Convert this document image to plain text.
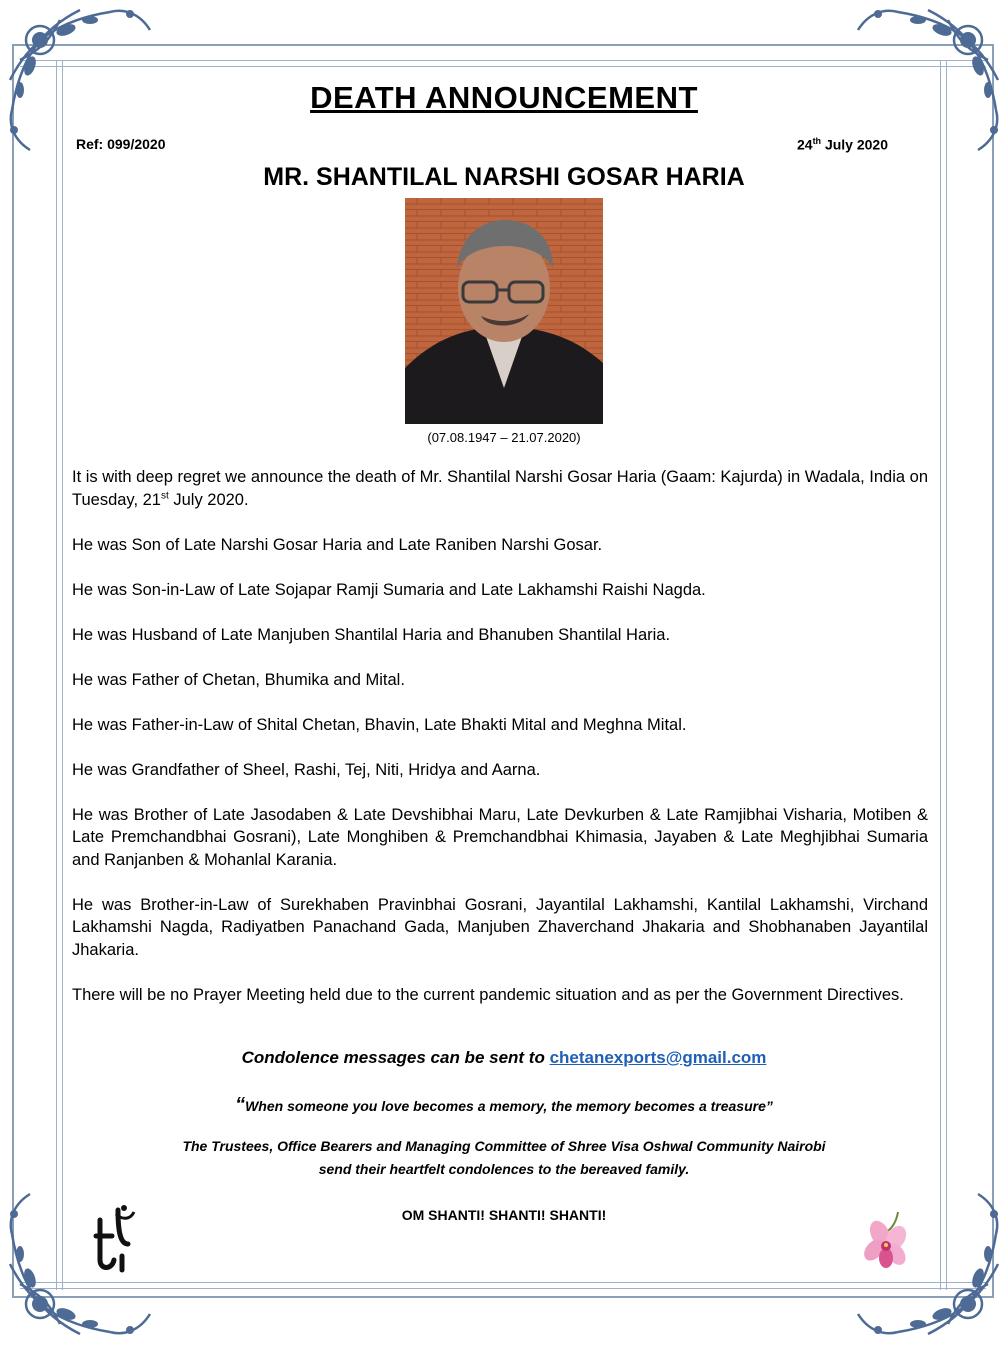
DEATH ANNOUNCEMENT
Ref: 099/2020	24th July 2020
MR. SHANTILAL NARSHI GOSAR HARIA
(07.08.1947 – 21.07.2020)

It is with deep regret we announce the death of Mr. Shantilal Narshi Gosar Haria (Gaam: Kajurda) in Wadala, India on Tuesday, 21st July 2020.

He was Son of Late Narshi Gosar Haria and Late Raniben Narshi Gosar.

He was Son-in-Law of Late Sojapar Ramji Sumaria and Late Lakhamshi Raishi Nagda.

He was Husband of Late Manjuben Shantilal Haria and Bhanuben Shantilal Haria.

He was Father of Chetan, Bhumika and Mital.

He was Father-in-Law of Shital Chetan, Bhavin, Late Bhakti Mital and Meghna Mital.

He was Grandfather of Sheel, Rashi, Tej, Niti, Hridya and Aarna.

He was Brother of Late Jasodaben & Late Devshibhai Maru, Late Devkurben & Late Ramjibhai Visharia, Motiben & Late Premchandbhai Gosrani), Late Monghiben & Premchandbhai Khimasia, Jayaben & Late Meghjibhai Sumaria and Ranjanben & Mohanlal Karania.

He was Brother-in-Law of Surekhaben Pravinbhai Gosrani, Jayantilal Lakhamshi, Kantilal Lakhamshi, Virchand Lakhamshi Nagda, Radiyatben Panachand Gada, Manjuben Zhaverchand Jhakaria and Shobhanaben Jayantilal Jhakaria.

There will be no Prayer Meeting held due to the current pandemic situation and as per the Government Directives.

Condolence messages can be sent to chetanexports@gmail.com
“When someone you love becomes a memory, the memory becomes a treasure”
The Trustees, Office Bearers and Managing Committee of Shree Visa Oshwal Community Nairobi
send their heartfelt condolences to the bereaved family.
OM SHANTI! SHANTI! SHANTI!
